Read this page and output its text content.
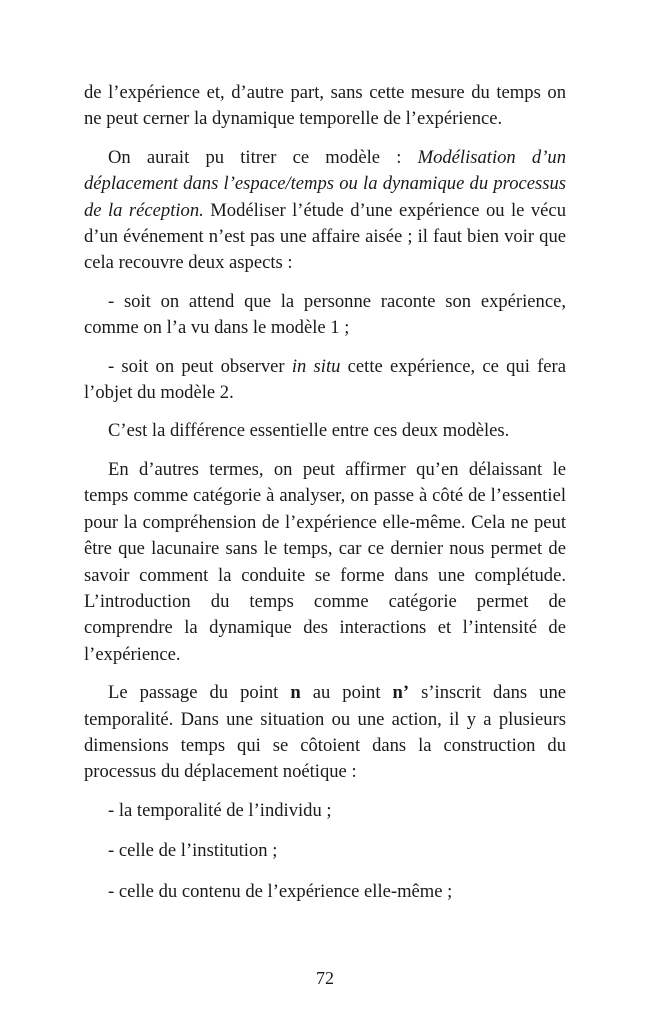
de l’expérience et, d’autre part, sans cette mesure du temps on ne peut cerner la dynamique temporelle de l’expérience.

On aurait pu titrer ce modèle : Modélisation d’un déplacement dans l’espace/temps ou la dynamique du processus de la réception. Modéliser l’étude d’une expérience ou le vécu d’un événement n’est pas une affaire aisée ; il faut bien voir que cela recouvre deux aspects :

- soit on attend que la personne raconte son expérience, comme on l’a vu dans le modèle 1 ;

- soit on peut observer in situ cette expérience, ce qui fera l’objet du modèle 2.

C’est la différence essentielle entre ces deux modèles.

En d’autres termes, on peut affirmer qu’en délaissant le temps comme catégorie à analyser, on passe à côté de l’essentiel pour la compréhension de l’expérience elle-même. Cela ne peut être que lacunaire sans le temps, car ce dernier nous permet de savoir comment la conduite se forme dans une complétude. L’introduction du temps comme catégorie permet de comprendre la dynamique des interactions et l’intensité de l’expérience.

Le passage du point n au point n’ s’inscrit dans une temporalité. Dans une situation ou une action, il y a plusieurs dimensions temps qui se côtoient dans la construction du processus du déplacement noétique :

- la temporalité de l’individu ;

- celle de l’institution ;

- celle du contenu de l’expérience elle-même ;

72
